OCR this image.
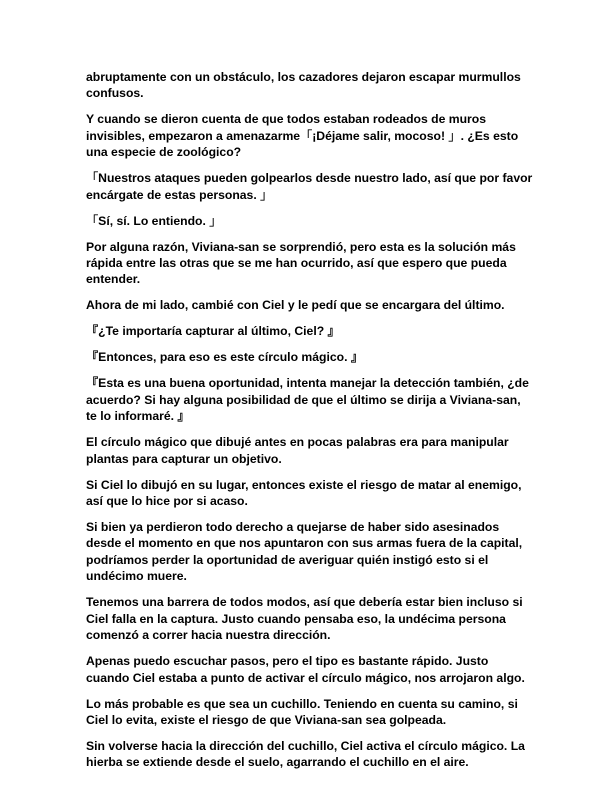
abruptamente con un obstáculo, los cazadores dejaron escapar murmullos confusos.

Y cuando se dieron cuenta de que todos estaban rodeados de muros invisibles, empezaron a amenazarme「¡Déjame salir, mocoso! 」. ¿Es esto una especie de zoológico?

「Nuestros ataques pueden golpearlos desde nuestro lado, así que por favor encárgate de estas personas. 」

「Sí, sí. Lo entiendo. 」

Por alguna razón, Viviana-san se sorprendió, pero esta es la solución más rápida entre las otras que se me han ocurrido, así que espero que pueda entender.

Ahora de mi lado, cambié con Ciel y le pedí que se encargara del último.

『¿Te importaría capturar al último, Ciel? 』

『Entonces, para eso es este círculo mágico. 』

『Esta es una buena oportunidad, intenta manejar la detección también, ¿de acuerdo? Si hay alguna posibilidad de que el último se dirija a Viviana-san, te lo informaré. 』

El círculo mágico que dibujé antes en pocas palabras era para manipular plantas para capturar un objetivo.

Si Ciel lo dibujó en su lugar, entonces existe el riesgo de matar al enemigo, así que lo hice por si acaso.

Si bien ya perdieron todo derecho a quejarse de haber sido asesinados desde el momento en que nos apuntaron con sus armas fuera de la capital, podríamos perder la oportunidad de averiguar quién instigó esto si el undécimo muere.

Tenemos una barrera de todos modos, así que debería estar bien incluso si Ciel falla en la captura. Justo cuando pensaba eso, la undécima persona comenzó a correr hacia nuestra dirección.

Apenas puedo escuchar pasos, pero el tipo es bastante rápido. Justo cuando Ciel estaba a punto de activar el círculo mágico, nos arrojaron algo.

Lo más probable es que sea un cuchillo. Teniendo en cuenta su camino, si Ciel lo evita, existe el riesgo de que Viviana-san sea golpeada.

Sin volverse hacia la dirección del cuchillo, Ciel activa el círculo mágico. La hierba se extiende desde el suelo, agarrando el cuchillo en el aire.
